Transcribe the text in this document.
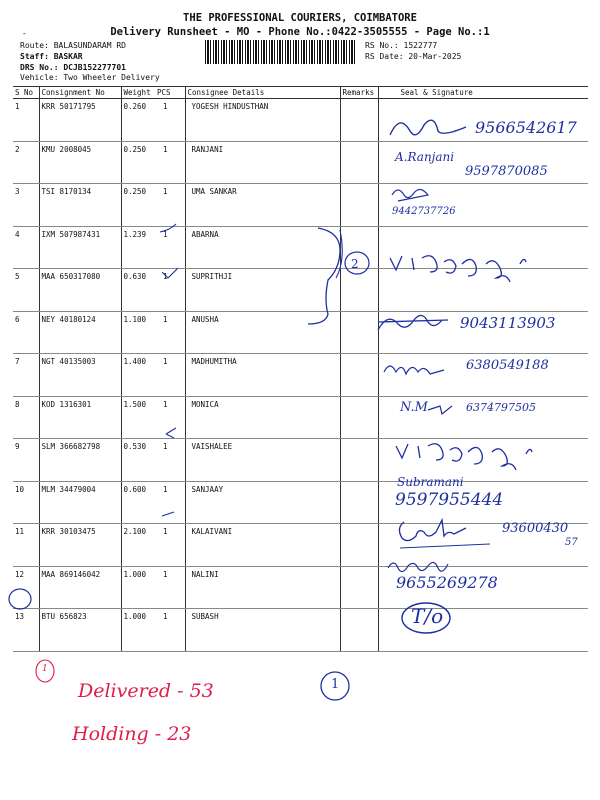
THE PROFESSIONAL COURIERS, COIMBATORE
Delivery Runsheet - MO - Phone No.:0422-3505555 - Page No.:1
-
Route: BALASUNDARAM RD
Staff: BASKAR
DRS No.: DCJB152277701
Vehicle: Two Wheeler Delivery
RS No.: 1522777
RS Date: 20-Mar-2025
S No	Consignment No	Weight	PCS	Consignee Details	Remarks	Seal & Signature
1	KRR 50171795	0.260	1	YOGESH HINDUSTHAN		
2	KMU 2008045	0.250	1	RANJANI		
3	TSI 8170134	0.250	1	UMA SANKAR		
4	IXM 507987431	1.239	1	ABARNA		
5	MAA 650317080	0.630	1	SUPRITHJI		
6	NEY 40180124	1.100	1	ANUSHA		
7	NGT 40135003	1.400	1	MADHUMITHA		
8	KOD 1316301	1.500	1	MONICA		
9	SLM 366682798	0.530	1	VAISHALEE		
10	MLM 34479004	0.600	1	SANJAAY		
11	KRR 30103475	2.100	1	KALAIVANI		
12	MAA 869146042	1.000	1	NALINI		
13	BTU 656823	1.000	1	SUBASH		
9566542617
A.Ranjani
9597870085
9442737726
9043113903
6380549188
N.M	6374797505
Subramani
9597955444
93600430
57
9655269278
T/o
1
Delivered - 53
Holding - 23
1
2
